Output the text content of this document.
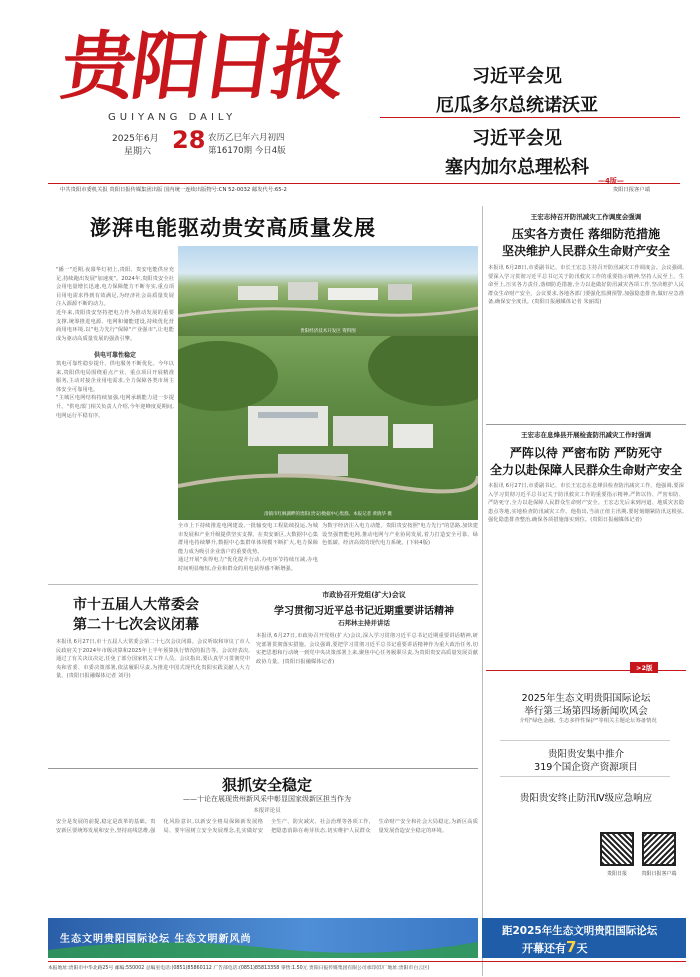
贵阳日报
GUIYANG DAILY
2025年6月
星期六 28 农历乙巳年六月初四
第16170期 今日4版
习近平会见
厄瓜多尔总统诺沃亚
习近平会见
塞内加尔总理松科
—4版—
中共贵阳市委机关报 贵阳日报传媒集团出版 国内统一连续出版物号:CN 52-0032 邮发代号:65-2	贵阳日报客户端
澎湃电能驱动贵安高质量发展
贵阳经济技术开发区 资料图
清镇市红枫湖畔的贵阳(贵安)数据中心集群。本报记者 黄晓华 摄
"播一"近期,夜幕华灯初上,贵阳、贵安电能供应充足,持续跑出发展"加速度"。2024年,贵阳贵安全社会用电量增长迅速,电力保障能力不断夯实,重点项目用电需求得到有效满足,为经济社会高质量发展注入源源不断的动力。
近年来,贵阳贵安坚持把电力作为推动发展的重要支撑,统筹推进电源、电网和储能建设,持续优化营商用电环境,以"电力先行"保障"产业强市",让电能成为驱动高质量发展的强劲引擎。
供电可靠性稳定
筑电可靠性稳步提升、供电服务不断优化。今年以来,贵阳供电局围绕重点产业、重点项目开展精准服务,主动对接企业用电需求,全力保障各类市场主体安全可靠用电。
"主城区电网结构持续加强,电网承载能力进一步提升。"供电部门相关负责人介绍,今年迎峰度夏期间,电网运行平稳有序。
全市上下持续推进电网建设,一批输变电工程陆续投运,为城市发展和产业升级提供坚实支撑。在贵安新区,大数据中心集群用电持续攀升,数据中心集群单体规模不断扩大,电力保障能力成为吸引企业落户的重要优势。
通过开展"获得电力"优化提升行动,办电环节持续压减,办电时间明显缩短,企业和群众的用电获得感不断增强。
为数字经济注入电力动能。贵阳贵安按照"电力先行"的思路,加快建设坚强智能电网,推动电网与产业协同发展,着力打造安全可靠、绿色低碳、经济高效的现代电力系统。(下转4版)
王宏志持召开防汛减灾工作调度会强调
压实各方责任 落细防范措施
坚决维护人民群众生命财产安全
本报讯 6月28日,市委副书记、市长王宏志主持召开防汛减灾工作调度会。会议强调,要深入学习贯彻习近平总书记关于防汛救灾工作的重要指示精神,坚持人民至上、生命至上,压实各方责任,落细防范措施,全力以赴做好防汛减灾各项工作,坚决维护人民群众生命财产安全。会议要求,各地各部门要强化监测预警,加强隐患排查,做好应急准备,确保安全度汛。(贵阳日报融媒体记者 朱丽霞)
王宏志在息烽县开展检查防汛减灾工作时强调
严阵以待 严密布防 严防死守
全力以赴保障人民群众生命财产安全
本报讯 6月27日,市委副书记、市长王宏志在息烽县检查防汛减灾工作。他强调,要深入学习贯彻习近平总书记关于防汛救灾工作的重要指示精神,严阵以待、严密布防、严防死守,全力以赴保障人民群众生命财产安全。王宏志先后来到河道、地质灾害隐患点等地,实地检查防汛减灾工作。他指出,当前正值主汛期,要时刻绷紧防汛这根弦,强化隐患排查整治,确保各项措施落实到位。(贵阳日报融媒体记者)
市十五届人大常委会
第二十七次会议闭幕
本报讯 6月27日,市十五届人大常委会第二十七次会议闭幕。会议听取和审议了市人民政府关于2024年市级决算和2025年上半年预算执行情况的报告等。会议经表决,通过了有关决议决定,任免了部分国家机关工作人员。会议指出,要认真学习贯彻党中央和省委、市委决策部署,依法履职尽责,为推进中国式现代化贵阳实践贡献人大力量。(贵阳日报融媒体记者 刘丹)
市政协召开党组(扩大)会议
学习贯彻习近平总书记近期重要讲话精神
石邦林主持并讲话
本报讯 6月27日,市政协召开党组(扩大)会议,深入学习贯彻习近平总书记近期重要讲话精神,研究部署贯彻落实措施。会议强调,要把学习贯彻习近平总书记重要讲话精神作为重大政治任务,切实把思想和行动统一到党中央决策部署上来,聚焦中心任务履职尽责,为贵阳贵安高质量发展贡献政协力量。(贵阳日报融媒体记者)
狠抓安全稳定
——十论在展现贵州新风采中彰显国家级新区担当作为
本报评论员
安全是发展的前提,稳定是改革的基础。贵安新区要统筹发展和安全,坚持底线思维,强化风险意识,以新安全格局保障新发展格局。要牢固树立安全发展理念,扎实做好安全生产、防灾减灾、社会治理等各项工作,把隐患消除在萌芽状态,切实维护人民群众生命财产安全和社会大局稳定,为新区高质量发展营造安全稳定的环境。
>2版
2025年生态文明贵阳国际论坛
举行第三场第四场新闻吹风会
介绍"绿色金融、生态多样性保护"等相关主题论坛筹备情况
贵阳贵安集中推介
319个国企资产资源项目
贵阳贵安终止防汛Ⅳ级应急响应
贵阳日报	贵阳日报客户端
生态文明贵阳国际论坛 生态文明新风尚
距2025年生态文明贵阳国际论坛
开幕还有7天
本报地址:贵阳市中华北路25号 邮编:550002 总编室电话:(0851)85860112 广告部电话:(0851)85813358 零售:1.50元 贵阳日报传媒集团有限公司承印(印厂地址:贵阳市白云区)
